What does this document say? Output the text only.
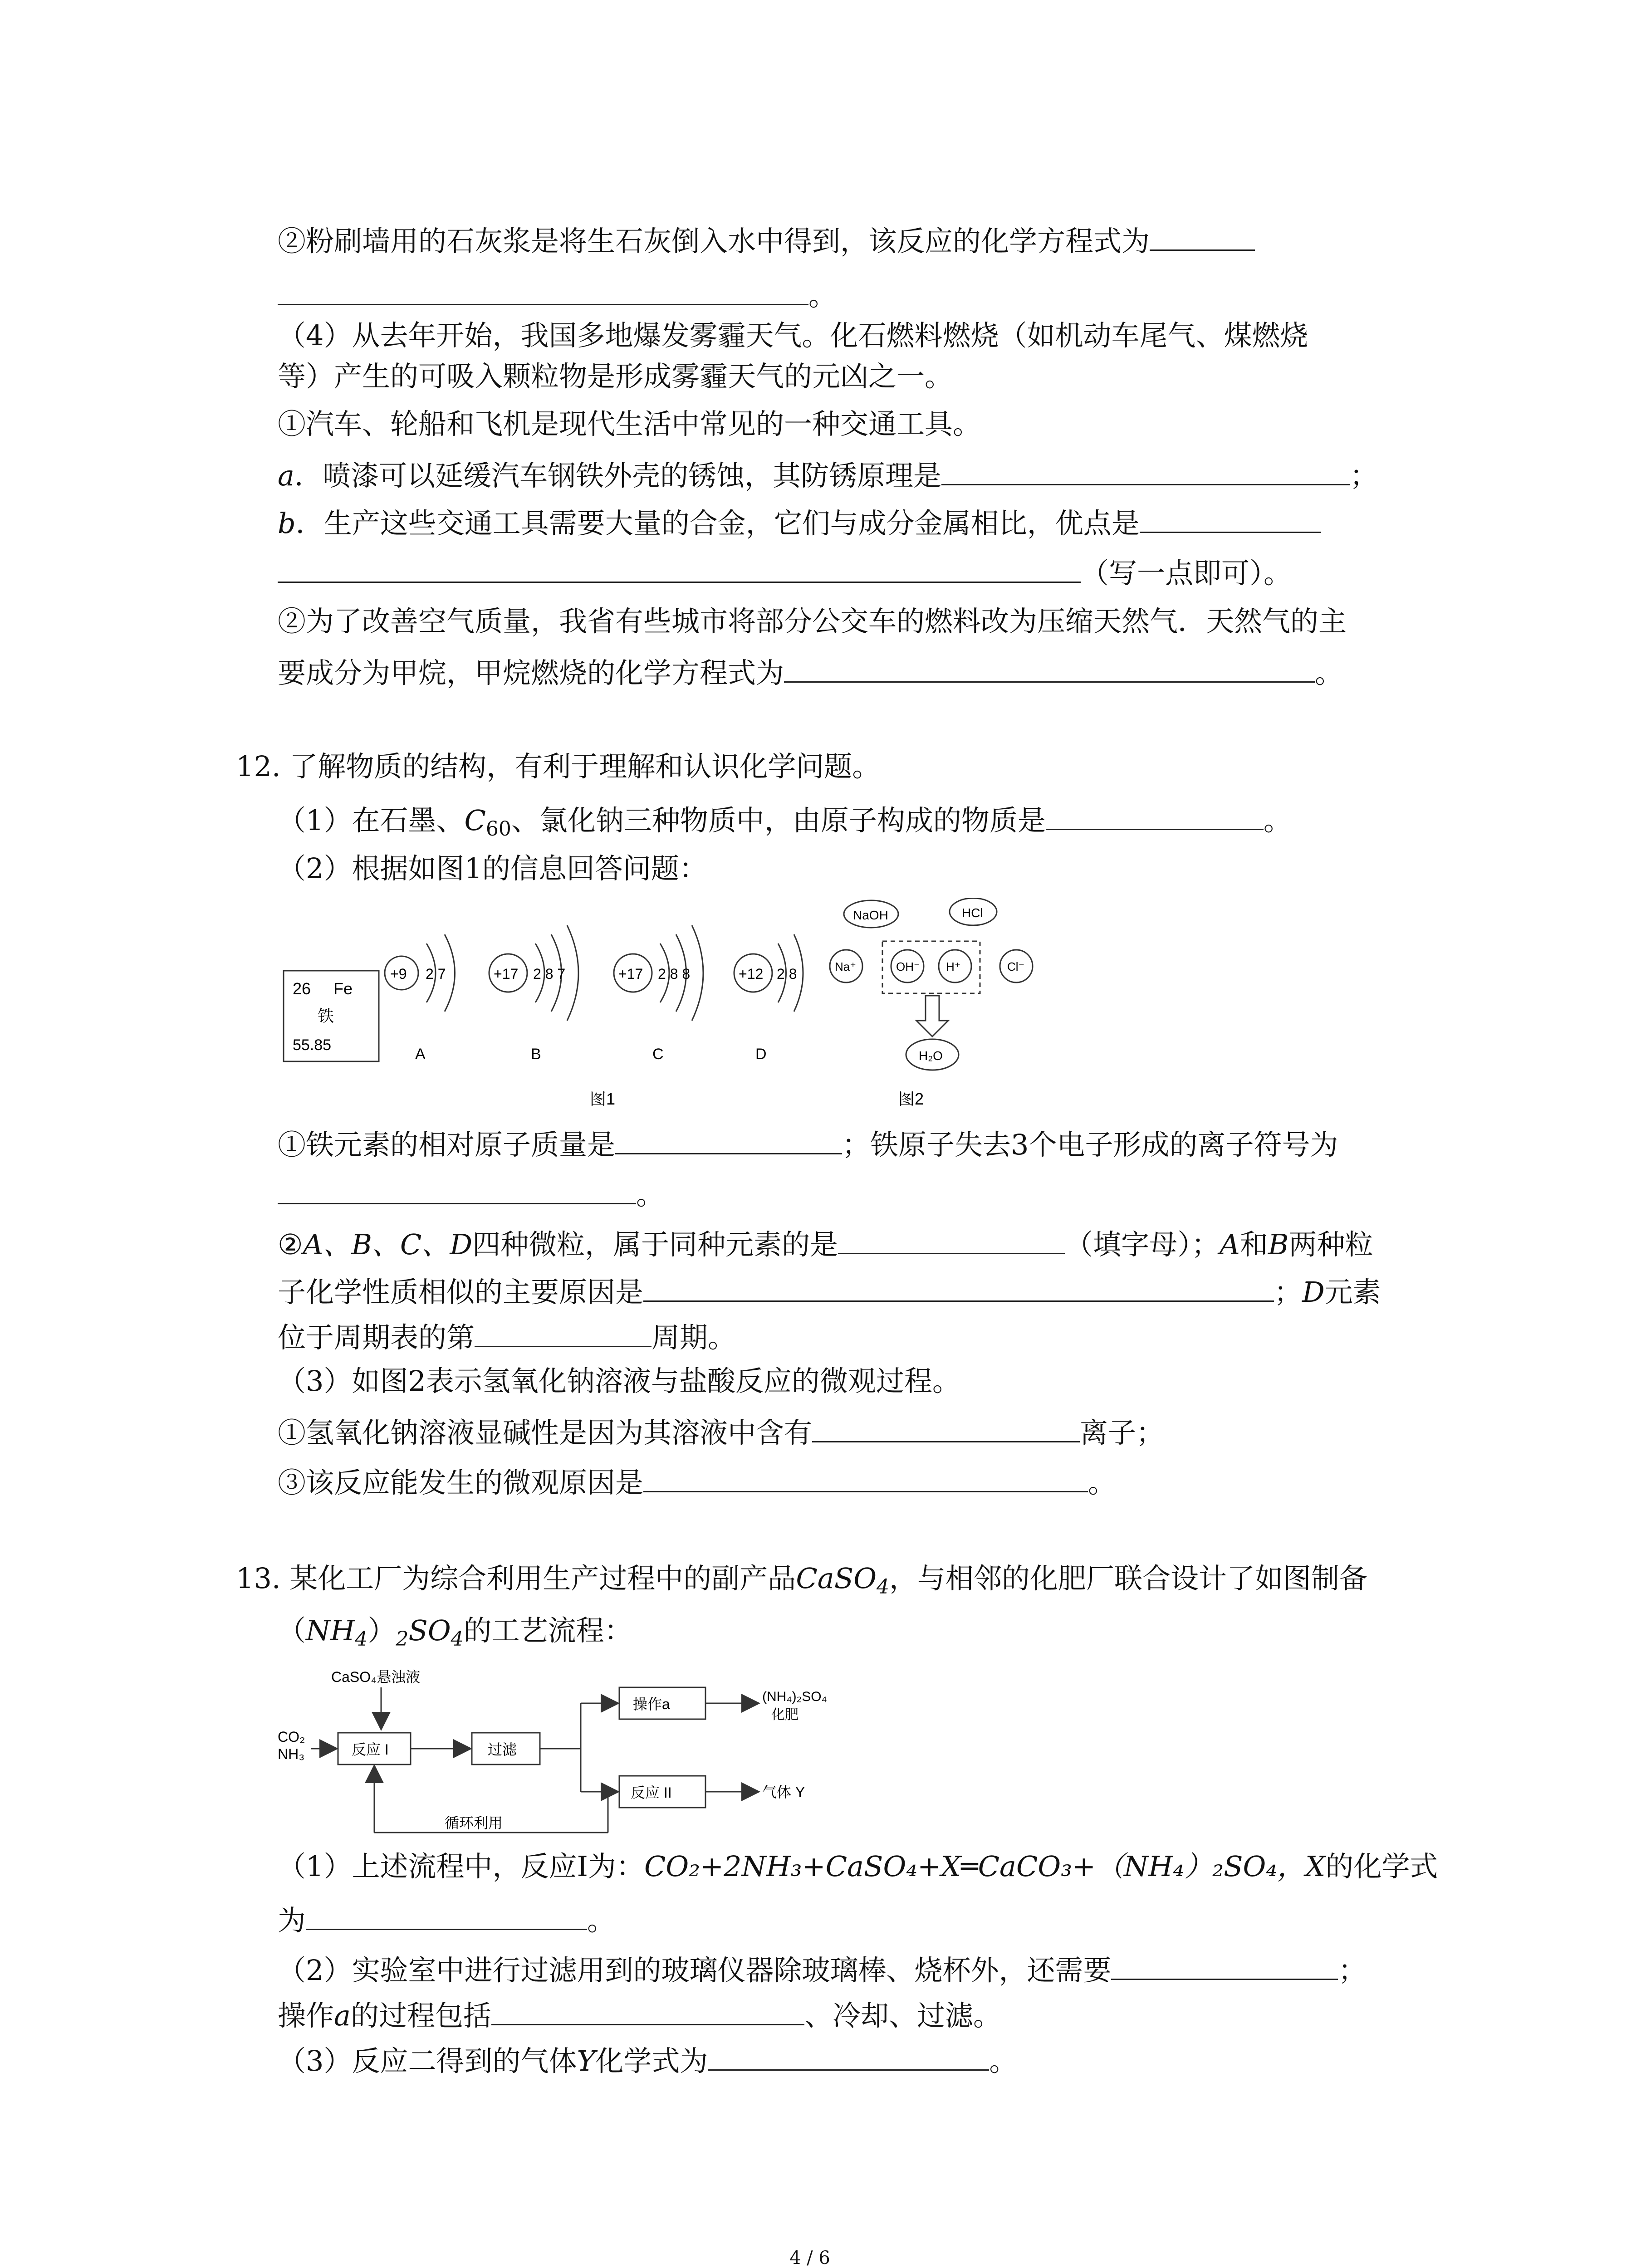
②粉刷墙用的石灰浆是将生石灰倒入水中得到，该反应的化学方程式为
。
（4）从去年开始，我国多地爆发雾霾天气。化石燃料燃烧（如机动车尾气、煤燃烧
等）产生的可吸入颗粒物是形成雾霾天气的元凶之一。
①汽车、轮船和飞机是现代生活中常见的一种交通工具。
a．喷漆可以延缓汽车钢铁外壳的锈蚀，其防锈原理是	；
b．生产这些交通工具需要大量的合金，它们与成分金属相比，优点是
（写一点即可）。
②为了改善空气质量，我省有些城市将部分公交车的燃料改为压缩天然气．天然气的主
要成分为甲烷，甲烷燃烧的化学方程式为	。
12. 了解物质的结构，有利于理解和认识化学问题。
（1）在石墨、$C_{60}$、氯化钠三种物质中，由原子构成的物质是	。
（2）根据如图1的信息回答问题：
26 Fe
铁
55.85
+9 2 7
A
+17 2 8 7
B
+17 2 8 8
C
+12 2 8
D
图1
NaOH	HCl
Na⁺	OH⁻ H⁺	Cl⁻
H₂O
图2
①铁元素的相对原子质量是	；铁原子失去3个电子形成的离子符号为
。
②A、B、C、D四种微粒，属于同种元素的是	（填字母）；A和B两种粒
子化学性质相似的主要原因是	；D元素
位于周期表的第	周期。
（3）如图2表示氢氧化钠溶液与盐酸反应的微观过程。
①氢氧化钠溶液显碱性是因为其溶液中含有	离子；
③该反应能发生的微观原因是	。
13. 某化工厂为综合利用生产过程中的副产品CaSO$_4$，与相邻的化肥厂联合设计了如图制备
$(NH_4)_2SO_4$的工艺流程：
CaSO₄悬浊液
CO₂
NH₃	反应 I	过滤
操作a	(NH₄)₂SO₄
化肥
反应 II	气体 Y
循环利用
（1）上述流程中，反应Ⅰ为：CO₂+2NH₃+CaSO₄+X═CaCO₃+（NH₄）₂SO₄，X的化学式
为	。
（2）实验室中进行过滤用到的玻璃仪器除玻璃棒、烧杯外，还需要	；
操作a的过程包括	、冷却、过滤。
（3）反应二得到的气体Y化学式为	。
4 / 6
